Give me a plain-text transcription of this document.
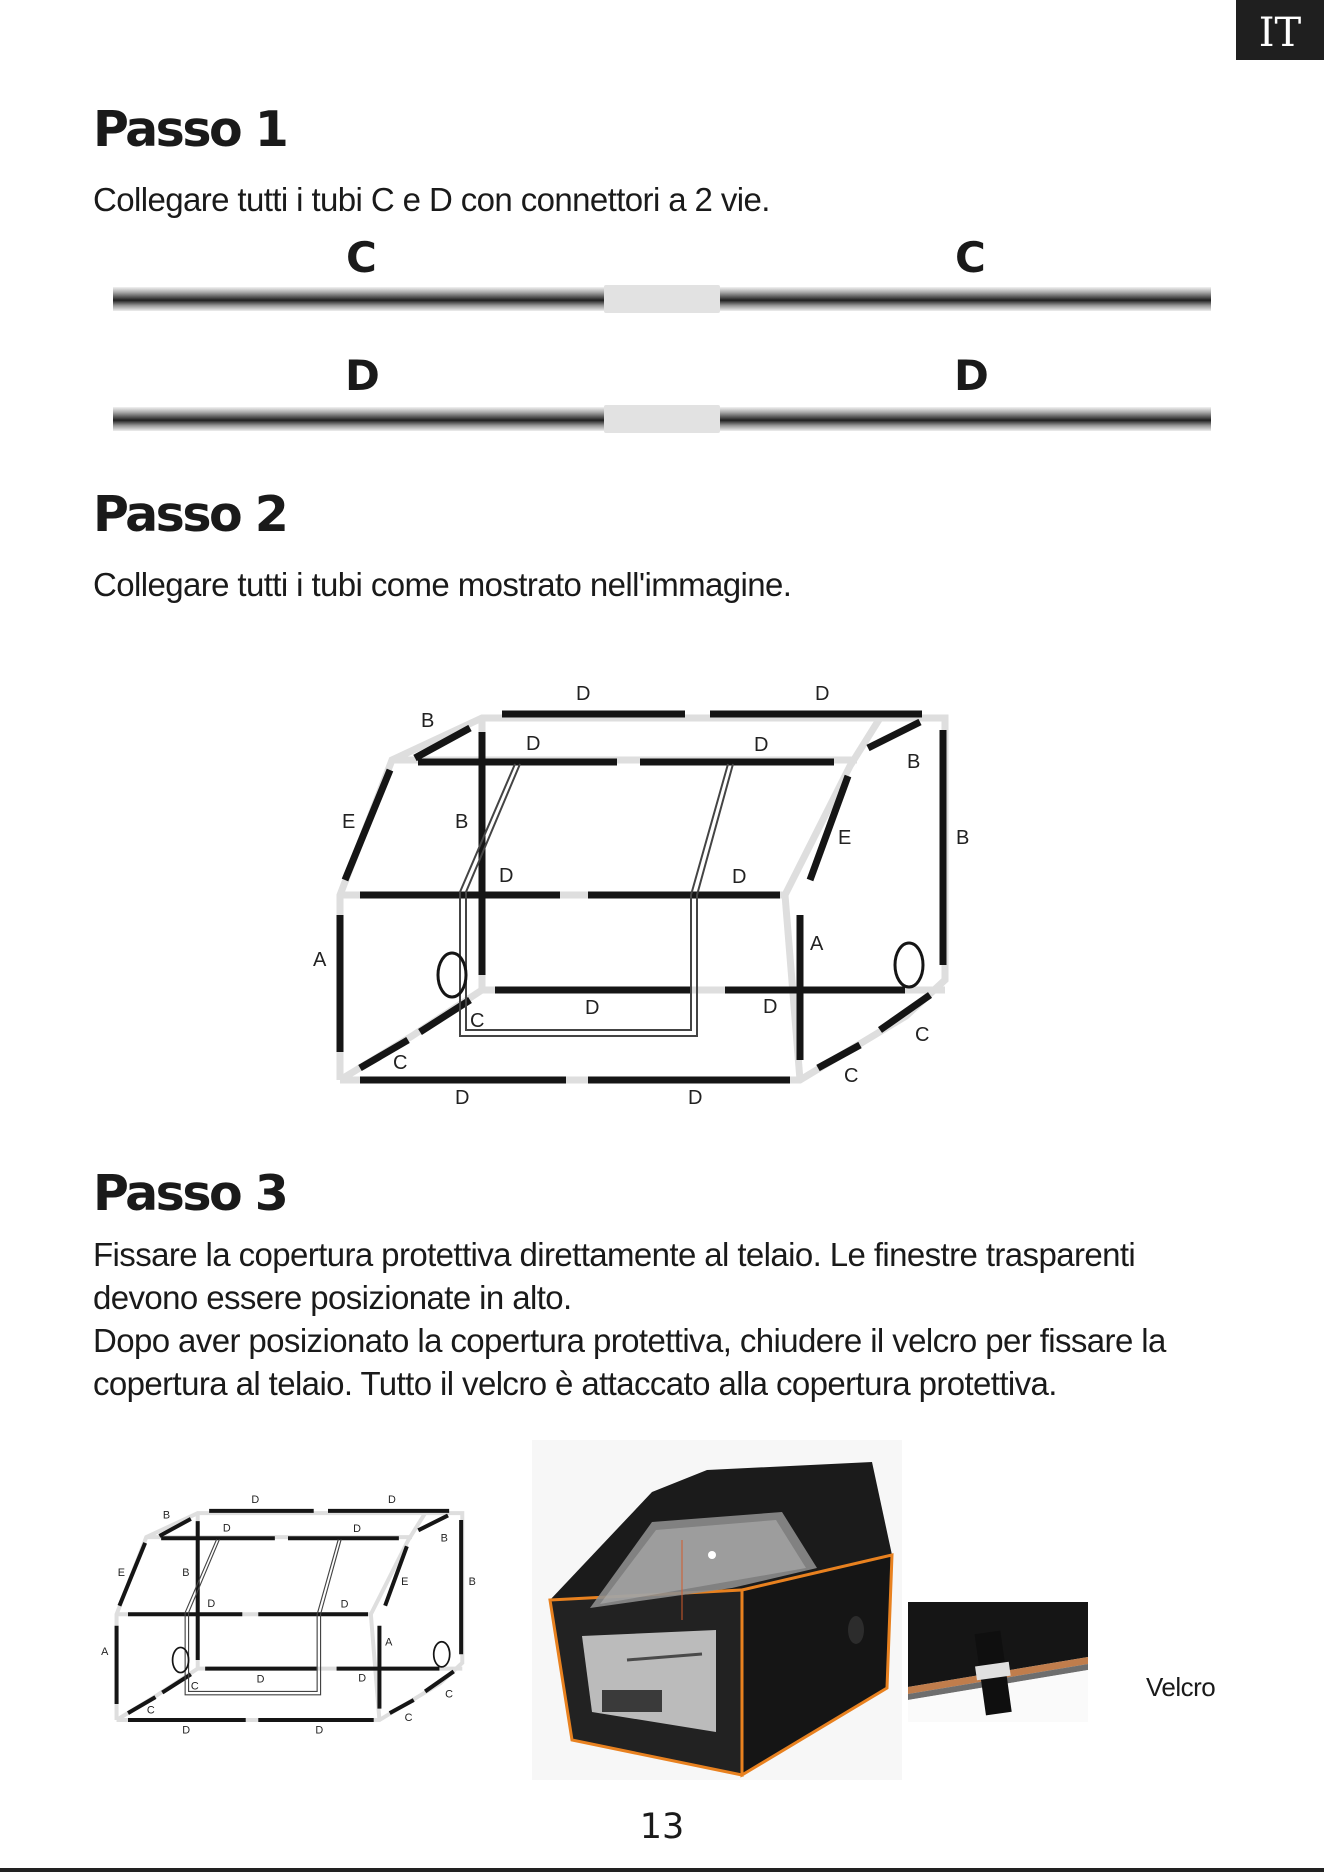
IT
Passo 1

Collegare tutti i tubi C e D con connettori a 2 vie.

C	C
D	D
Passo 2

Collegare tutti i tubi come mostrato nell'immagine.

D	D
B
D	D
B
E	B
E	B
D	D
A
A
C
D	D
C
C
C
D	D
Passo 3

Fissare la copertura protettiva direttamente al telaio. Le finestre trasparenti
devono essere posizionate in alto.
Dopo aver posizionato la copertura protettiva, chiudere il velcro per fissare la
copertura al telaio. Tutto il velcro è attaccato alla copertura protettiva.

D	D
B
D	D
B
E	B
E	B
D	D
A
A
C
D	D
C
C
C
D	D
Velcro
13
